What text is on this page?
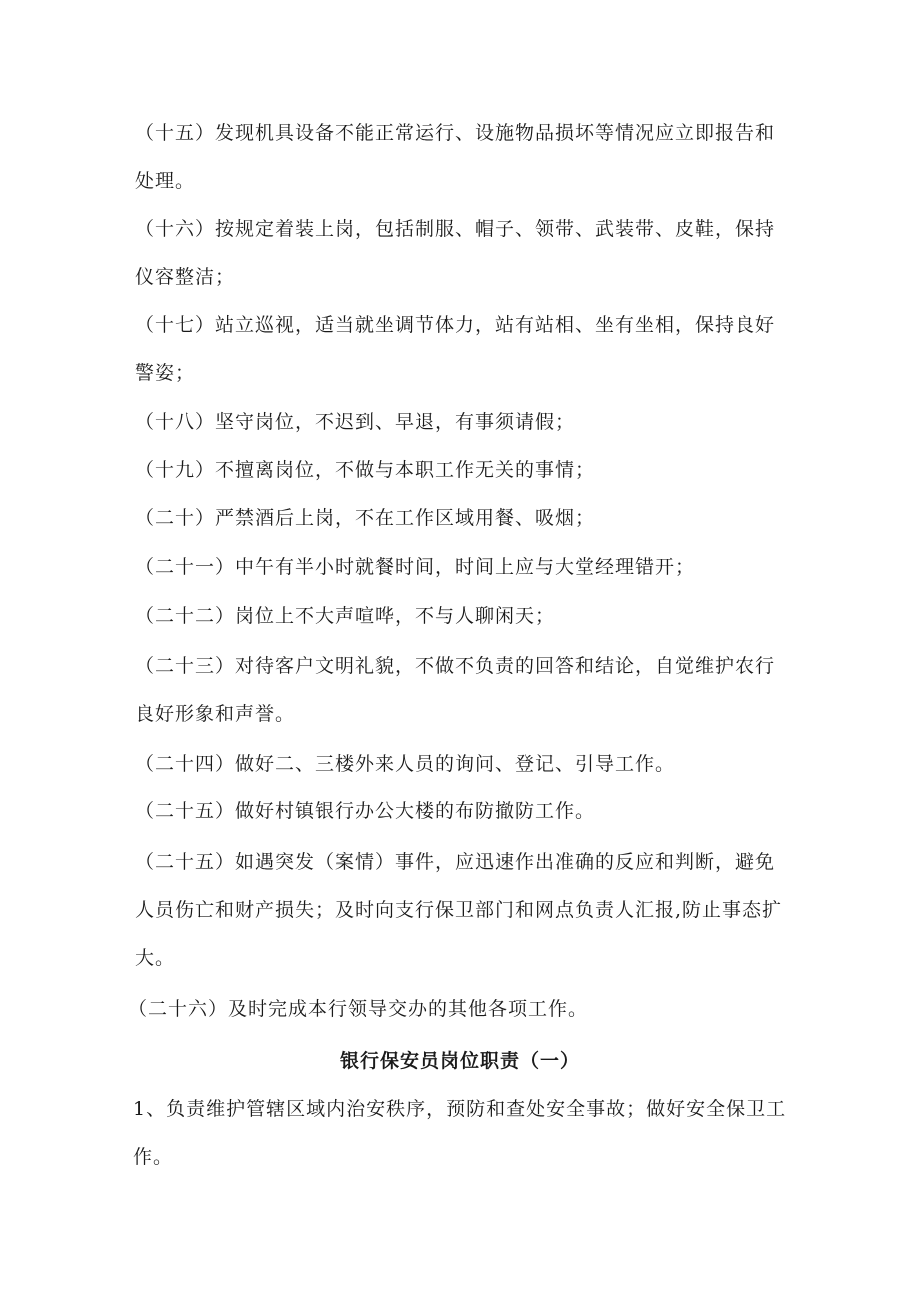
（十五）发现机具设备不能正常运行、设施物品损坏等情况应立即报告和处理。

（十六）按规定着装上岗，包括制服、帽子、领带、武装带、皮鞋，保持仪容整洁；

（十七）站立巡视，适当就坐调节体力，站有站相、坐有坐相，保持良好警姿；

（十八）坚守岗位，不迟到、早退，有事须请假；

（十九）不擅离岗位，不做与本职工作无关的事情；

（二十）严禁酒后上岗，不在工作区域用餐、吸烟；

（二十一）中午有半小时就餐时间，时间上应与大堂经理错开；

（二十二）岗位上不大声喧哗，不与人聊闲天；

（二十三）对待客户文明礼貌，不做不负责的回答和结论，自觉维护农行良好形象和声誉。

（二十四）做好二、三楼外来人员的询问、登记、引导工作。

（二十五）做好村镇银行办公大楼的布防撤防工作。

（二十五）如遇突发（案情）事件，应迅速作出准确的反应和判断，避免人员伤亡和财产损失；及时向支行保卫部门和网点负责人汇报,防止事态扩大。

（二十六）及时完成本行领导交办的其他各项工作。

银行保安员岗位职责（一）

1、负责维护管辖区域内治安秩序，预防和查处安全事故；做好安全保卫工作。
